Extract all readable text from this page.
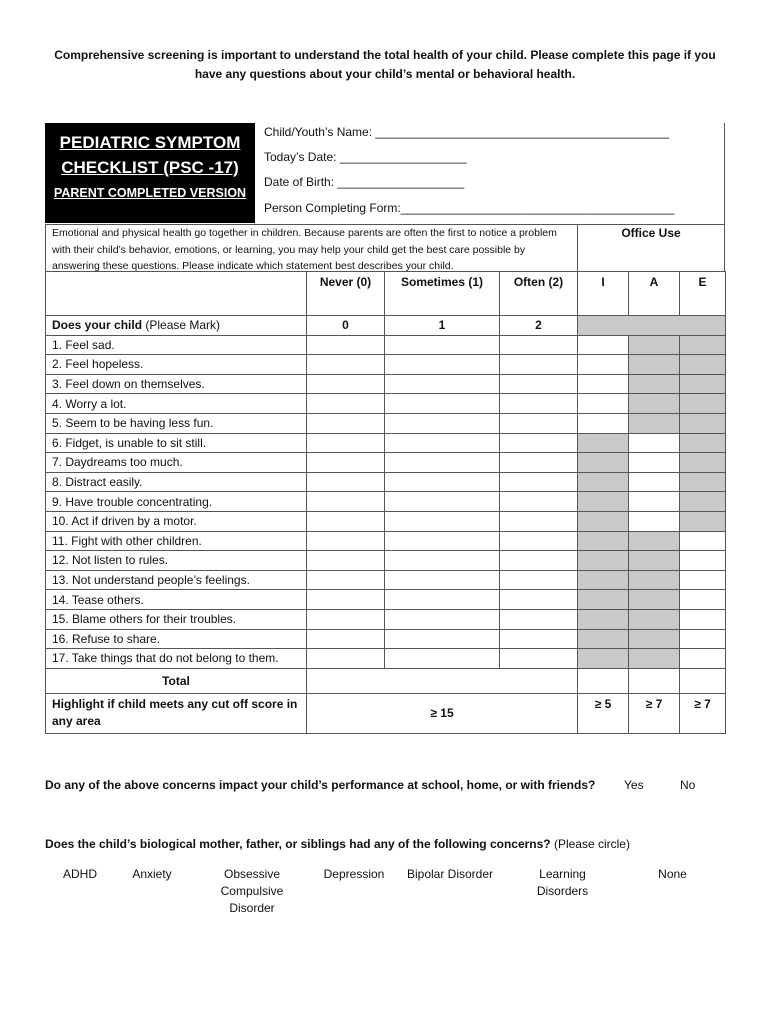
Comprehensive screening is important to understand the total health of your child. Please complete this page if you have any questions about your child’s mental or behavioral health.
PEDIATRIC SYMPTOM
CHECKLIST (PSC -17)
PARENT COMPLETED VERSION
Child/Youth’s Name: ____________________________________________
Today’s Date: ___________________
Date of Birth: ___________________
Person Completing Form:_________________________________________
Emotional and physical health go together in children. Because parents are often the first to notice a problem with their child’s behavior, emotions, or learning, you may help your child get the best care possible by answering these questions. Please indicate which statement best describes your child.
Office Use
	Never (0)	Sometimes (1)	Often (2)	I	A	E
Does your child (Please Mark)	0	1	2			
1. Feel sad.						
2. Feel hopeless.						
3. Feel down on themselves.						
4. Worry a lot.						
5. Seem to be having less fun.						
6. Fidget, is unable to sit still.						
7. Daydreams too much.						
8. Distract easily.						
9. Have trouble concentrating.						
10. Act if driven by a motor.						
11. Fight with other children.						
12. Not listen to rules.						
13. Not understand people’s feelings.						
14. Tease others.						
15. Blame others for their troubles.						
16. Refuse to share.						
17. Take things that do not belong to them.						
Total						
Highlight if child meets any cut off score in any area	≥ 15			≥ 5	≥ 7	≥ 7
Do any of the above concerns impact your child’s performance at school, home, or with friends? Yes	No
Does the child’s biological mother, father, or siblings had any of the following concerns? (Please circle)
ADHD	Anxiety	Obsessive Compulsive Disorder
Depression	Bipolar Disorder	Learning Disorders
None
